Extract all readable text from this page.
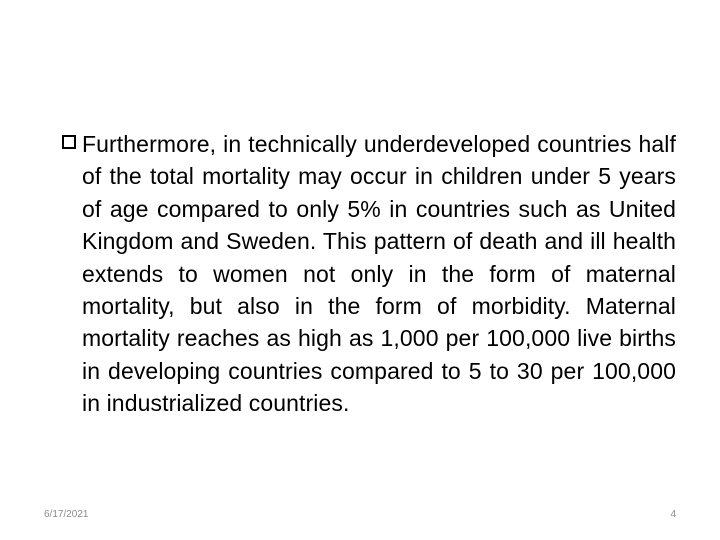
Furthermore, in technically underdeveloped countries half of the total mortality may occur in children under 5 years of age compared to only 5% in countries such as United Kingdom and Sweden. This pattern of death and ill health extends to women not only in the form of maternal mortality, but also in the form of morbidity. Maternal mortality reaches as high as 1,000 per 100,000 live births in developing countries compared to 5 to 30 per 100,000 in industrialized countries.
6/17/2021	4
